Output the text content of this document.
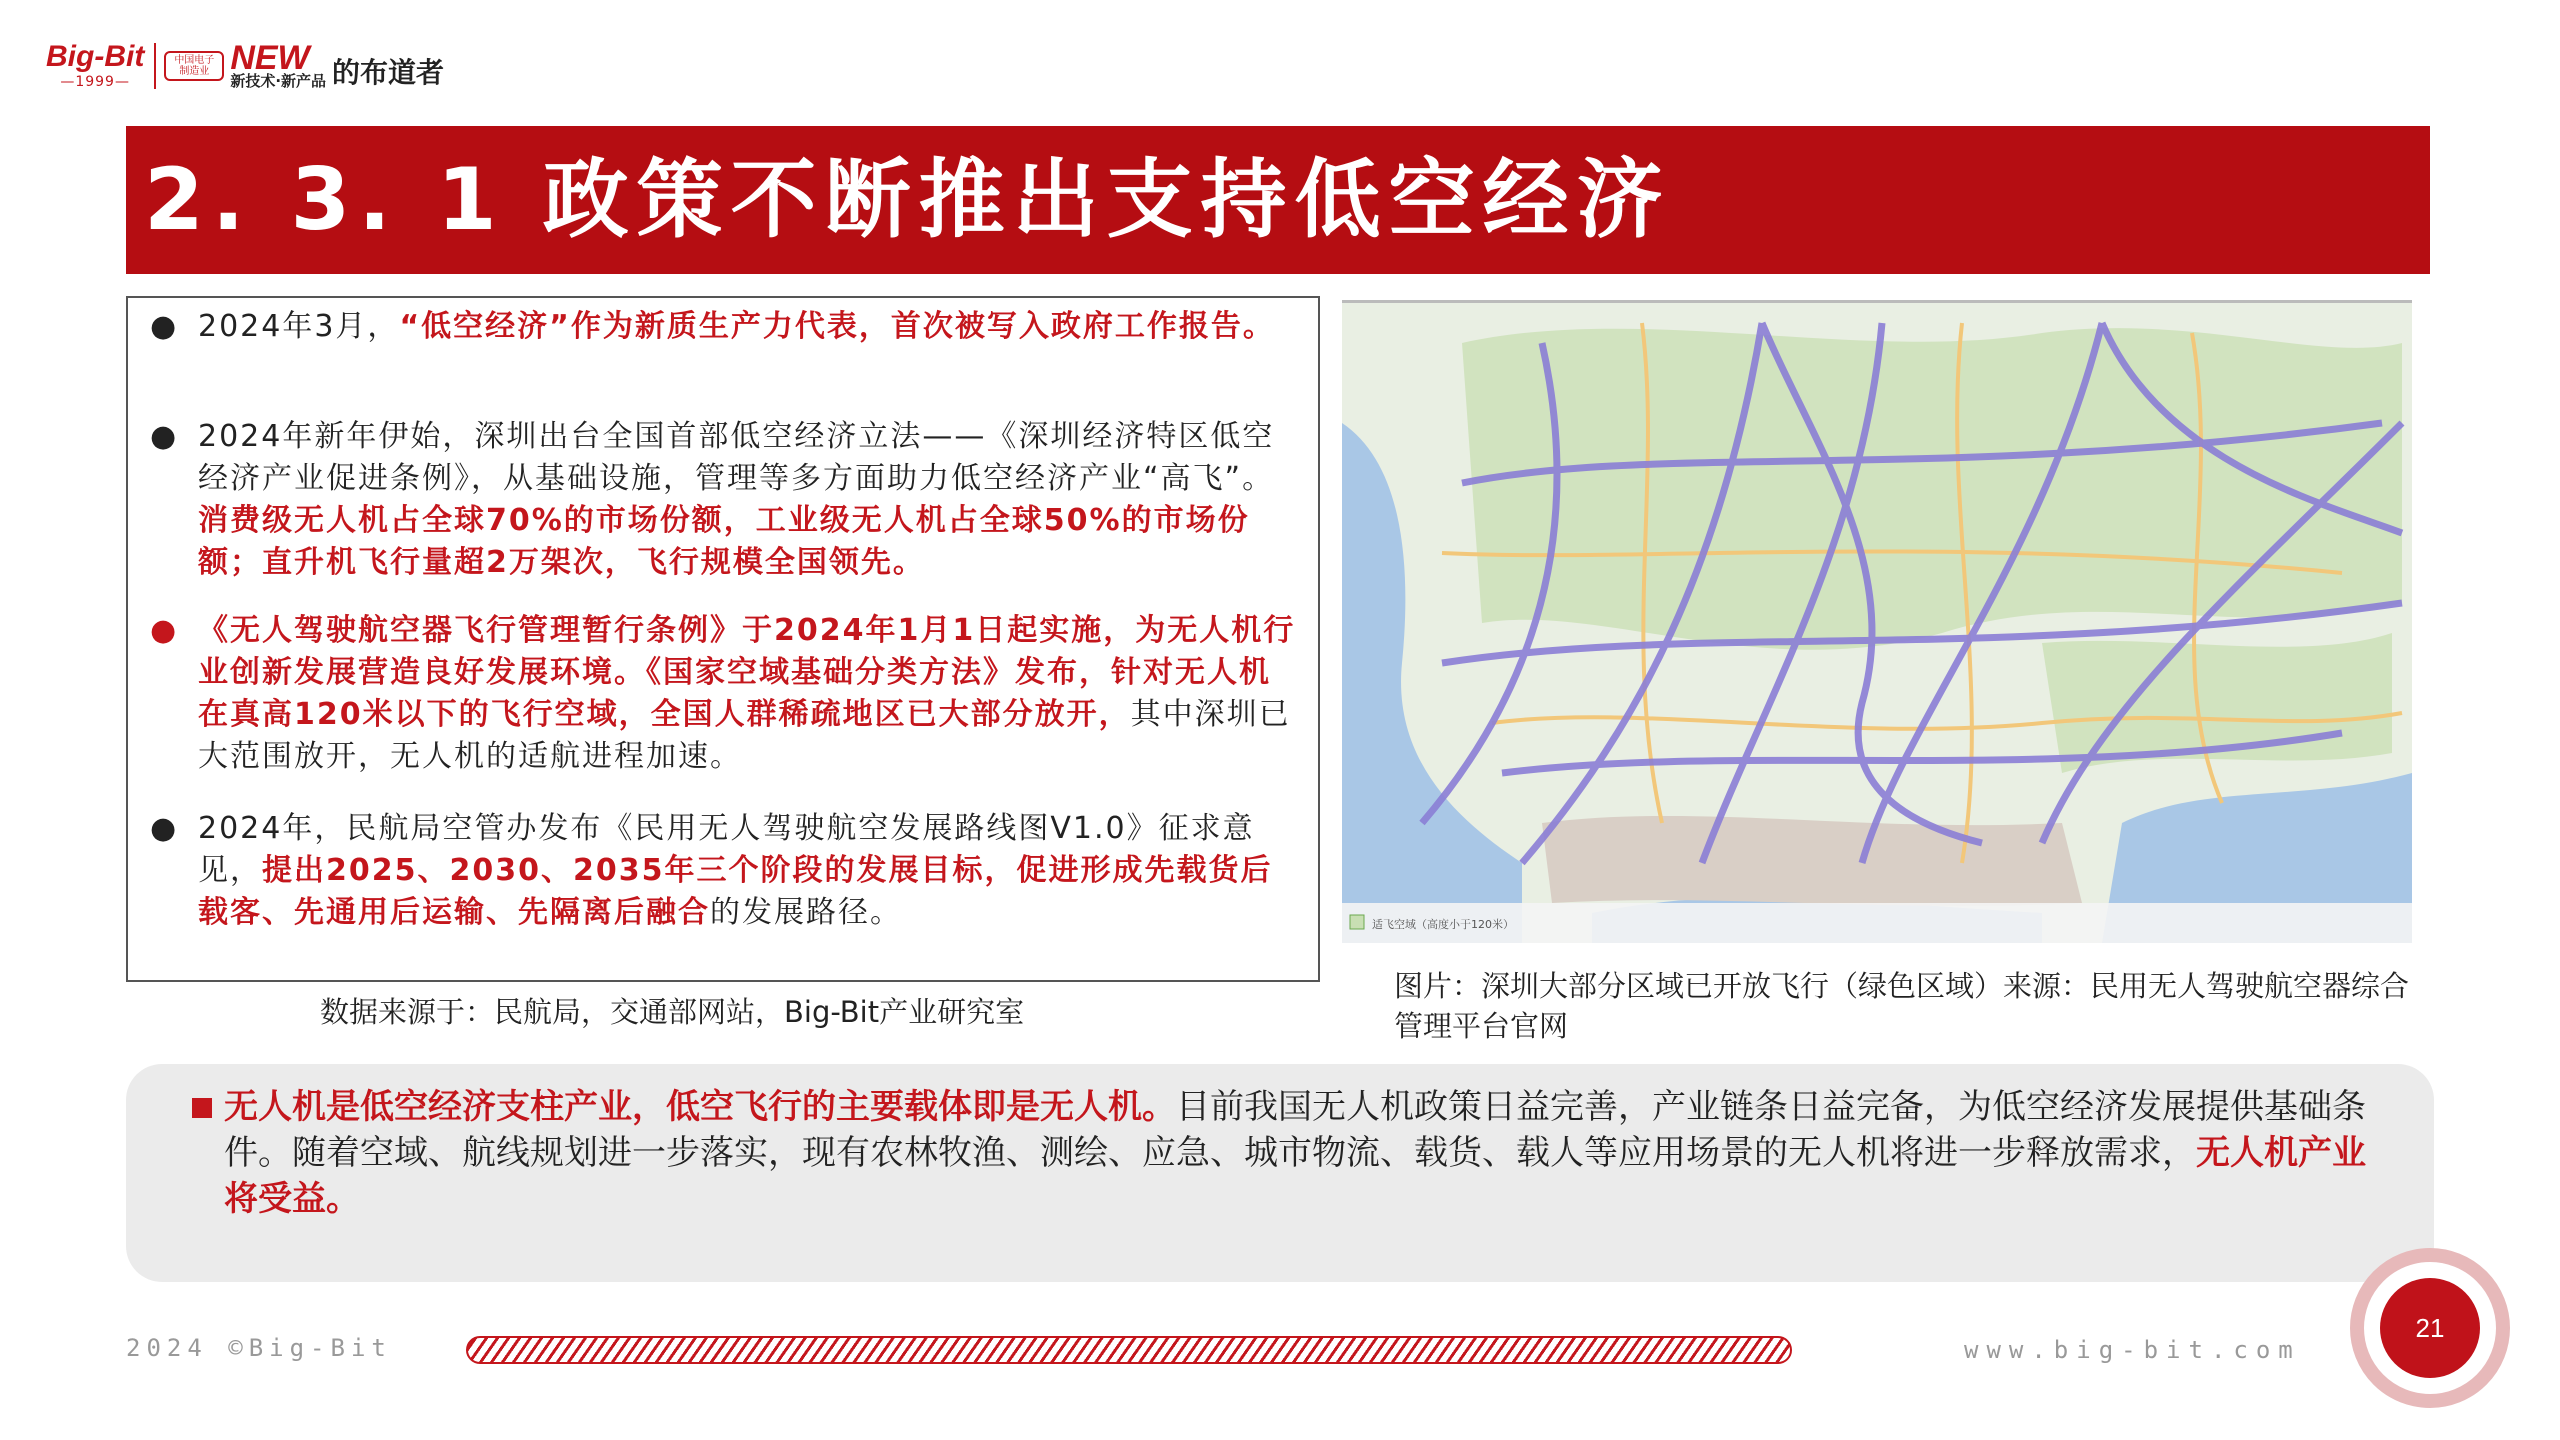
Big-Bit
—1999—
中国电子制造业 NEW
新技术·新产品 的布道者
2. 3. 1 政策不断推出支持低空经济
● 2024年3月，“低空经济”作为新质生产力代表，首次被写入政府工作报告。
● 2024年新年伊始，深圳出台全国首部低空经济立法——《深圳经济特区低空经济产业促进条例》，从基础设施，管理等多方面助力低空经济产业“高飞”。消费级无人机占全球70%的市场份额，工业级无人机占全球50%的市场份额；直升机飞行量超2万架次，飞行规模全国领先。
● 《无人驾驶航空器飞行管理暂行条例》于2024年1月1日起实施，为无人机行业创新发展营造良好发展环境。《国家空域基础分类方法》发布，针对无人机在真高120米以下的飞行空域，全国人群稀疏地区已大部分放开，其中深圳已大范围放开，无人机的适航进程加速。
● 2024年，民航局空管办发布《民用无人驾驶航空发展路线图V1.0》征求意见，提出2025、2030、2035年三个阶段的发展目标，促进形成先载货后载客、先通用后运输、先隔离后融合的发展路径。
数据来源于：民航局，交通部网站，Big-Bit产业研究室
适飞空域（高度小于120米）
图片：深圳大部分区域已开放飞行（绿色区域）来源：民用无人驾驶航空器综合管理平台官网
无人机是低空经济支柱产业，低空飞行的主要载体即是无人机。目前我国无人机政策日益完善，产业链条日益完备，为低空经济发展提供基础条件。随着空域、航线规划进一步落实，现有农林牧渔、测绘、应急、城市物流、载货、载人等应用场景的无人机将进一步释放需求，无人机产业将受益。
2024 ©Big-Bit	www.big-bit.com
21
